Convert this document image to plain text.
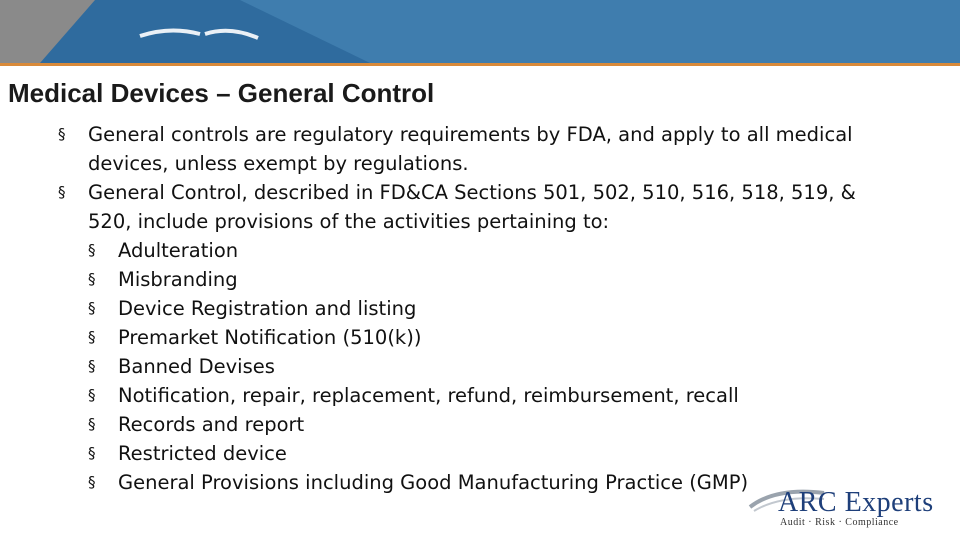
Medical Devices – General Control
§ General controls are regulatory requirements by FDA, and apply to all medical devices, unless exempt by regulations.
§ General Control, described in FD&CA Sections 501, 502, 510, 516, 518, 519, & 520, include provisions of the activities pertaining to:
§ Adulteration
§ Misbranding
§ Device Registration and listing
§ Premarket Notification (510(k))
§ Banned Devises
§ Notification, repair, replacement, refund, reimbursement, recall
§ Records and report
§ Restricted device
§ General Provisions including Good Manufacturing Practice (GMP)
ARC Experts
Audit · Risk · Compliance
